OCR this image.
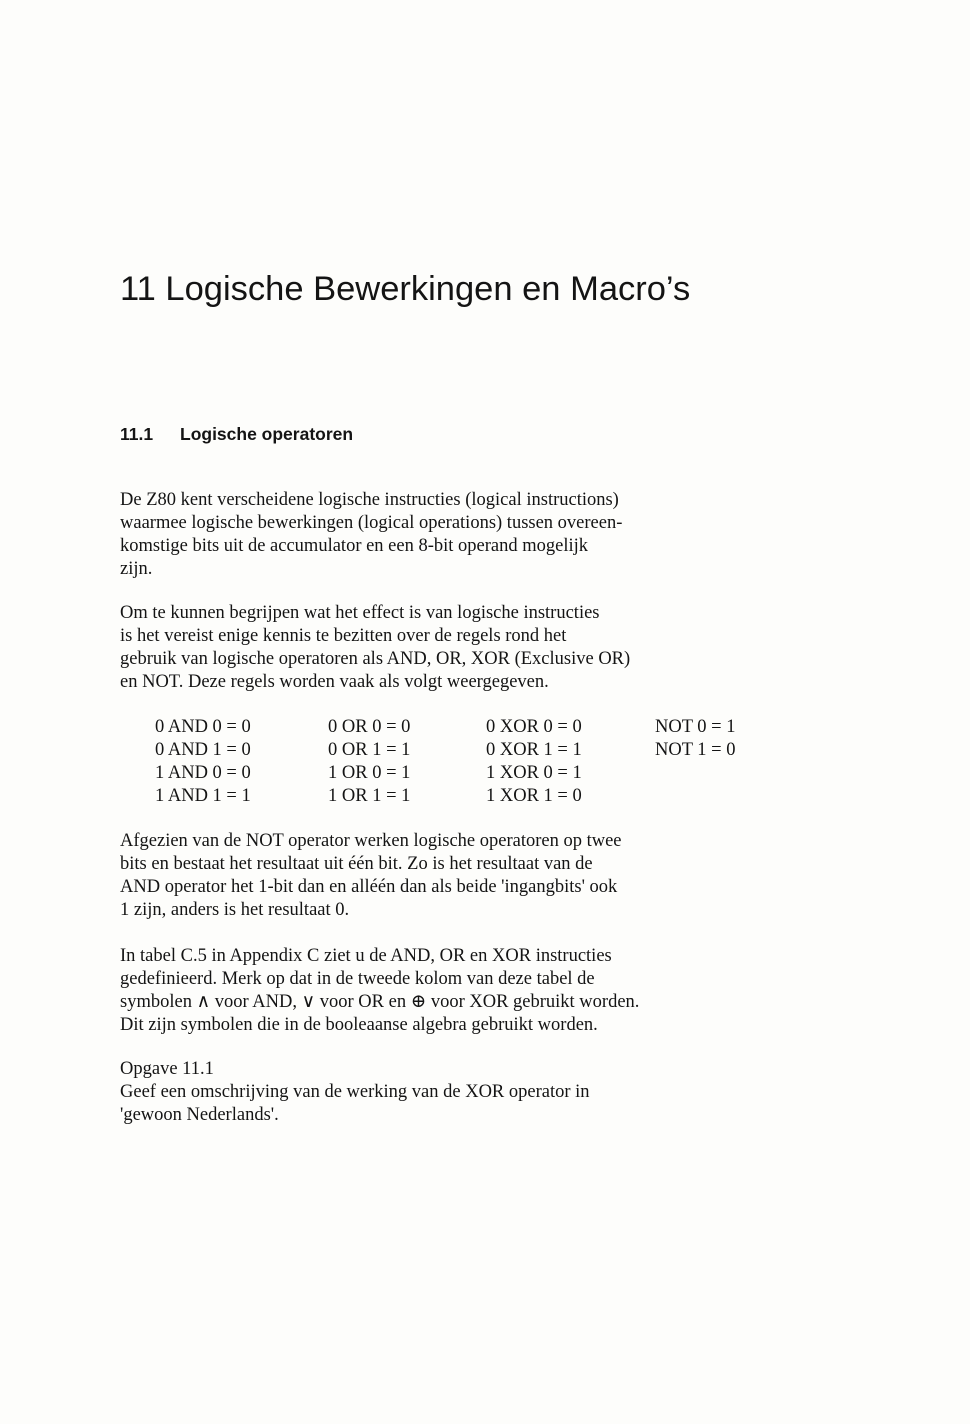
11 Logische Bewerkingen en Macro’s
11.1 Logische operatoren
De Z80 kent verscheidene logische instructies (logical instructions)
waarmee logische bewerkingen (logical operations) tussen overeen-
komstige bits uit de accumulator en een 8-bit operand mogelijk
zijn.
Om te kunnen begrijpen wat het effect is van logische instructies
is het vereist enige kennis te bezitten over de regels rond het
gebruik van logische operatoren als AND, OR, XOR (Exclusive OR)
en NOT. Deze regels worden vaak als volgt weergegeven.
0 AND 0 = 0
0 AND 1 = 0
1 AND 0 = 0
1 AND 1 = 1
0 OR 0 = 0
0 OR 1 = 1
1 OR 0 = 1
1 OR 1 = 1
0 XOR 0 = 0
0 XOR 1 = 1
1 XOR 0 = 1
1 XOR 1 = 0
NOT 0 = 1
NOT 1 = 0
Afgezien van de NOT operator werken logische operatoren op twee
bits en bestaat het resultaat uit één bit. Zo is het resultaat van de
AND operator het 1-bit dan en alléén dan als beide 'ingangbits' ook
1 zijn, anders is het resultaat 0.
In tabel C.5 in Appendix C ziet u de AND, OR en XOR instructies
gedefinieerd. Merk op dat in de tweede kolom van deze tabel de
symbolen ∧ voor AND, ∨ voor OR en ⊕ voor XOR gebruikt worden.
Dit zijn symbolen die in de booleaanse algebra gebruikt worden.
Opgave 11.1
Geef een omschrijving van de werking van de XOR operator in
'gewoon Nederlands'.
